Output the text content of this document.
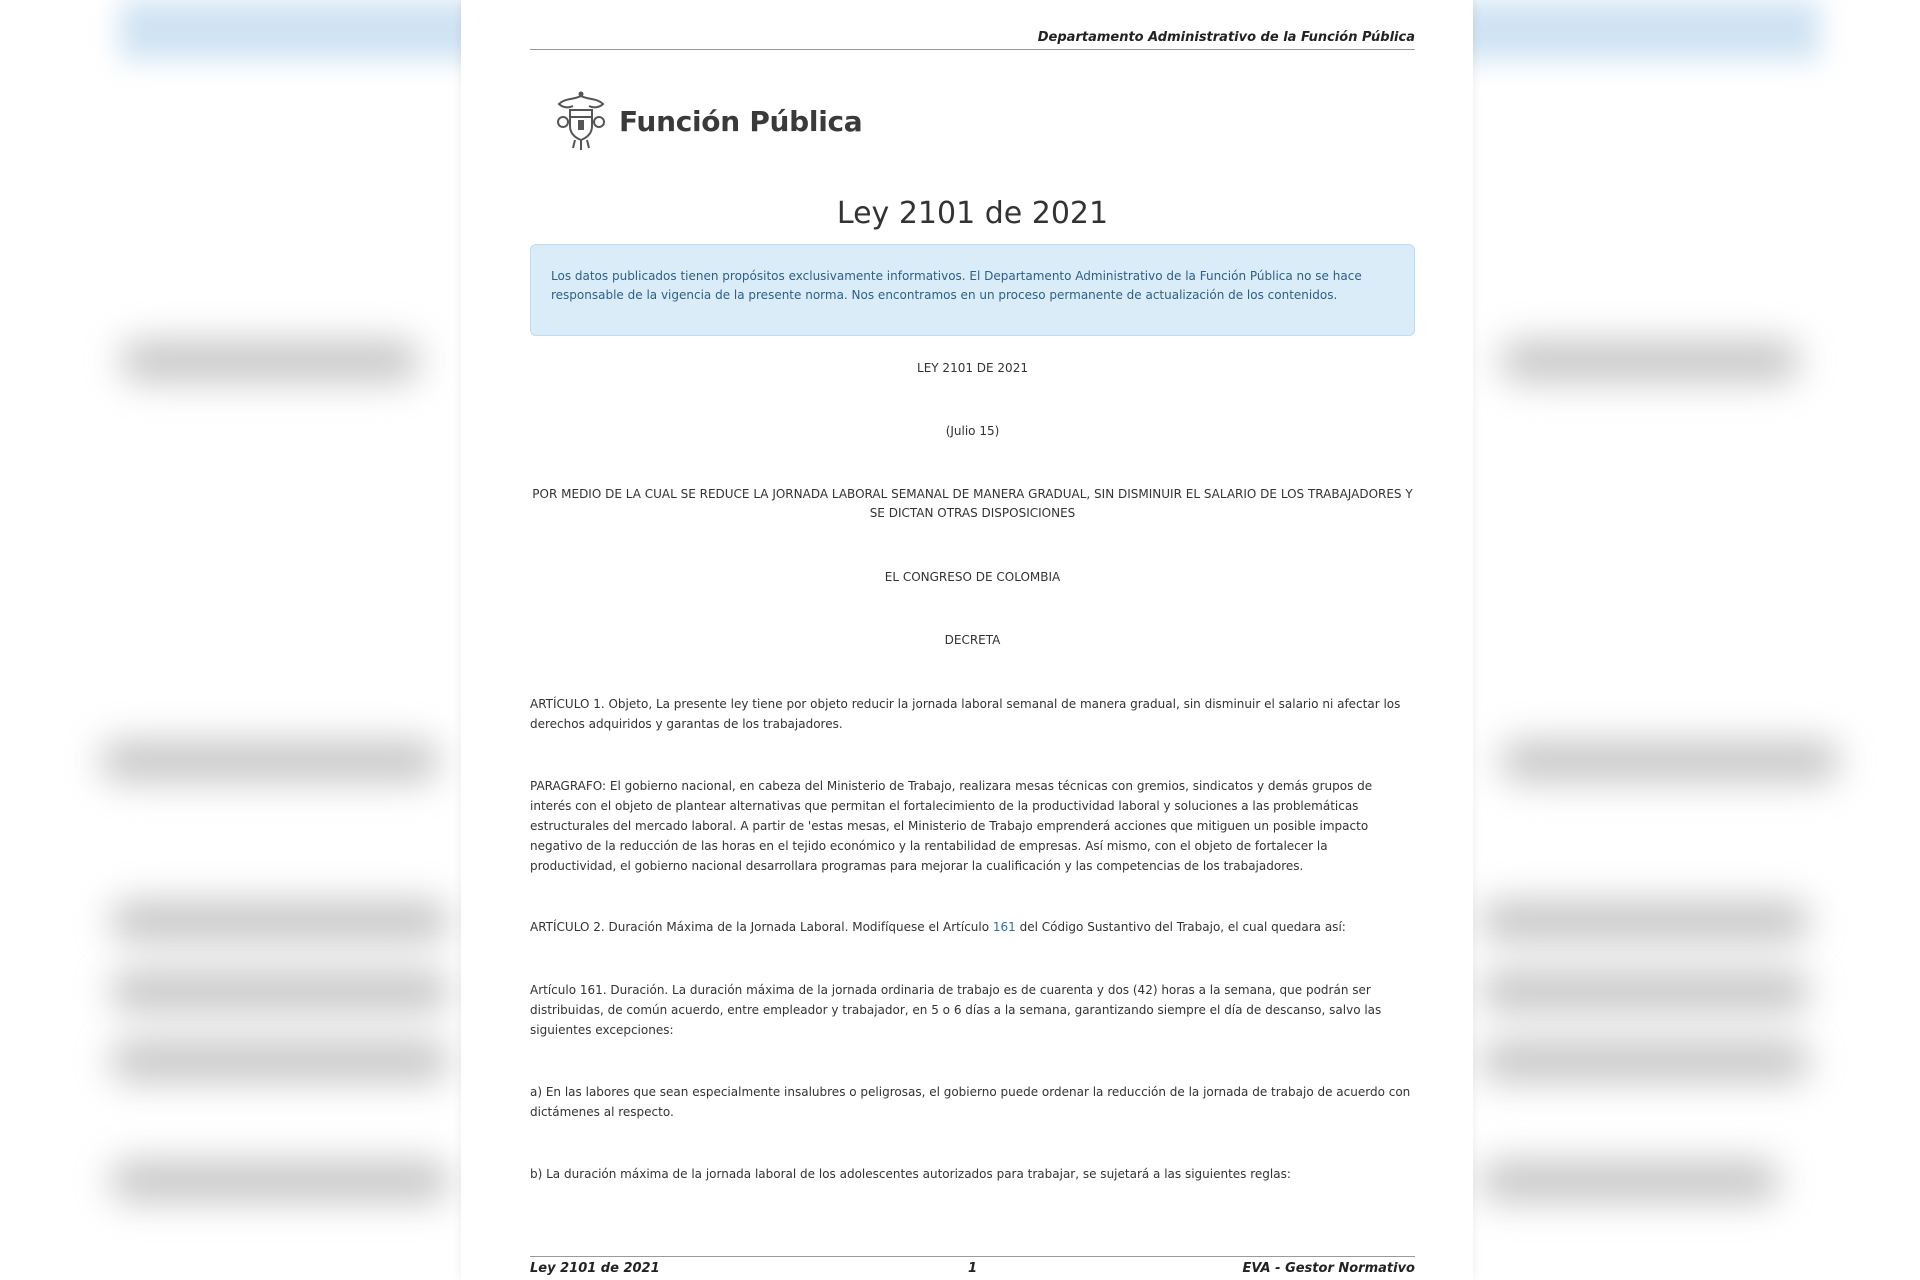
Departamento Administrativo de la Función Pública
Función Pública
Ley 2101 de 2021
Los datos publicados tienen propósitos exclusivamente informativos. El Departamento Administrativo de la Función Pública no se hace responsable de la vigencia de la presente norma. Nos encontramos en un proceso permanente de actualización de los contenidos.
LEY 2101 DE 2021
(Julio 15)
POR MEDIO DE LA CUAL SE REDUCE LA JORNADA LABORAL SEMANAL DE MANERA GRADUAL, SIN DISMINUIR EL SALARIO DE LOS TRABAJADORES Y SE DICTAN OTRAS DISPOSICIONES
EL CONGRESO DE COLOMBIA
DECRETA
ARTÍCULO 1. Objeto, La presente ley tiene por objeto reducir la jornada laboral semanal de manera gradual, sin disminuir el salario ni afectar los derechos adquiridos y garantas de los trabajadores.
PARAGRAFO: El gobierno nacional, en cabeza del Ministerio de Trabajo, realizara mesas técnicas con gremios, sindicatos y demás grupos de interés con el objeto de plantear alternativas que permitan el fortalecimiento de la productividad laboral y soluciones a las problemáticas estructurales del mercado laboral. A partir de 'estas mesas, el Ministerio de Trabajo emprenderá acciones que mitiguen un posible impacto negativo de la reducción de las horas en el tejido económico y la rentabilidad de empresas. Así mismo, con el objeto de fortalecer la productividad, el gobierno nacional desarrollara programas para mejorar la cualificación y las competencias de los trabajadores.
ARTÍCULO 2. Duración Máxima de la Jornada Laboral. Modifíquese el Artículo 161 del Código Sustantivo del Trabajo, el cual quedara así:
Artículo 161. Duración. La duración máxima de la jornada ordinaria de trabajo es de cuarenta y dos (42) horas a la semana, que podrán ser distribuidas, de común acuerdo, entre empleador y trabajador, en 5 o 6 días a la semana, garantizando siempre el día de descanso, salvo las siguientes excepciones:
a) En las labores que sean especialmente insalubres o peligrosas, el gobierno puede ordenar la reducción de la jornada de trabajo de acuerdo con dictámenes al respecto.
b) La duración máxima de la jornada laboral de los adolescentes autorizados para trabajar, se sujetará a las siguientes reglas:
Ley 2101 de 2021	1	EVA - Gestor Normativo
